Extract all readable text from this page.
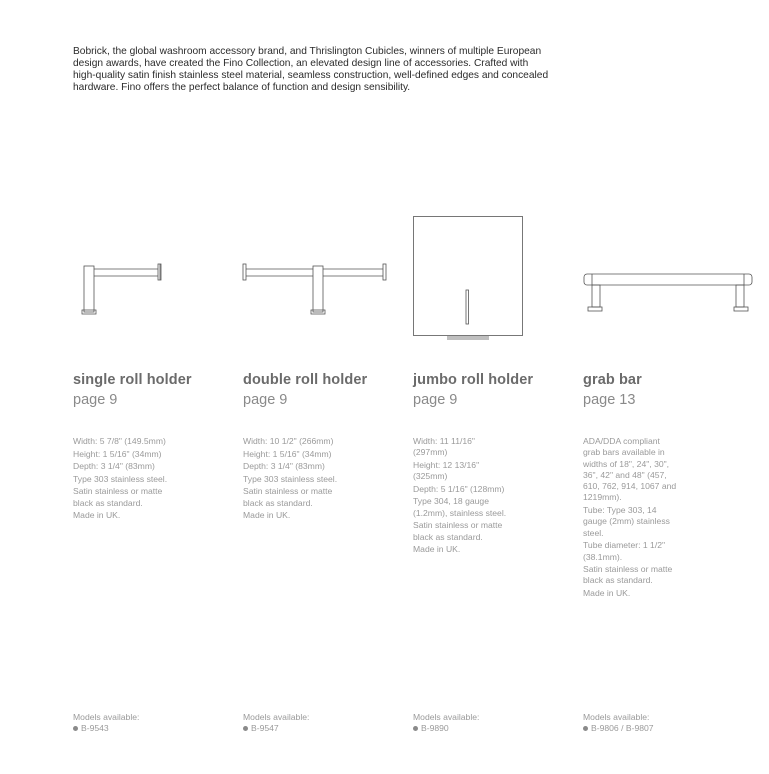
Bobrick, the global washroom accessory brand, and Thrislington Cubicles, winners of multiple European design awards, have created the Fino Collection, an elevated design line of accessories. Crafted with high-quality satin finish stainless steel material, seamless construction, well-defined edges and concealed hardware. Fino offers the perfect balance of function and design sensibility.
single roll holder
page 9

Width: 5 7/8" (149.5mm)

Height: 1 5/16" (34mm)

Depth: 3 1/4" (83mm)

Type 303 stainless steel.

Satin stainless or matte black as standard.

Made in UK.

Models available:
B-9543
double roll holder
page 9

Width: 10 1/2" (266mm)

Height: 1 5/16" (34mm)

Depth: 3 1/4" (83mm)

Type 303 stainless steel.

Satin stainless or matte black as standard.

Made in UK.

Models available:
B-9547
jumbo roll holder
page 9

Width: 11 11/16" (297mm)

Height: 12 13/16" (325mm)

Depth: 5 1/16" (128mm)

Type 304, 18 gauge (1.2mm), stainless steel.

Satin stainless or matte black as standard.

Made in UK.

Models available:
B-9890
grab bar
page 13

ADA/DDA compliant grab bars available in widths of 18", 24", 30", 36", 42" and 48" (457, 610, 762, 914, 1067 and 1219mm).

Tube: Type 303, 14 gauge (2mm) stainless steel.

Tube diameter: 1 1/2" (38.1mm).

Satin stainless or matte black as standard.

Made in UK.

Models available:
B-9806 / B-9807
